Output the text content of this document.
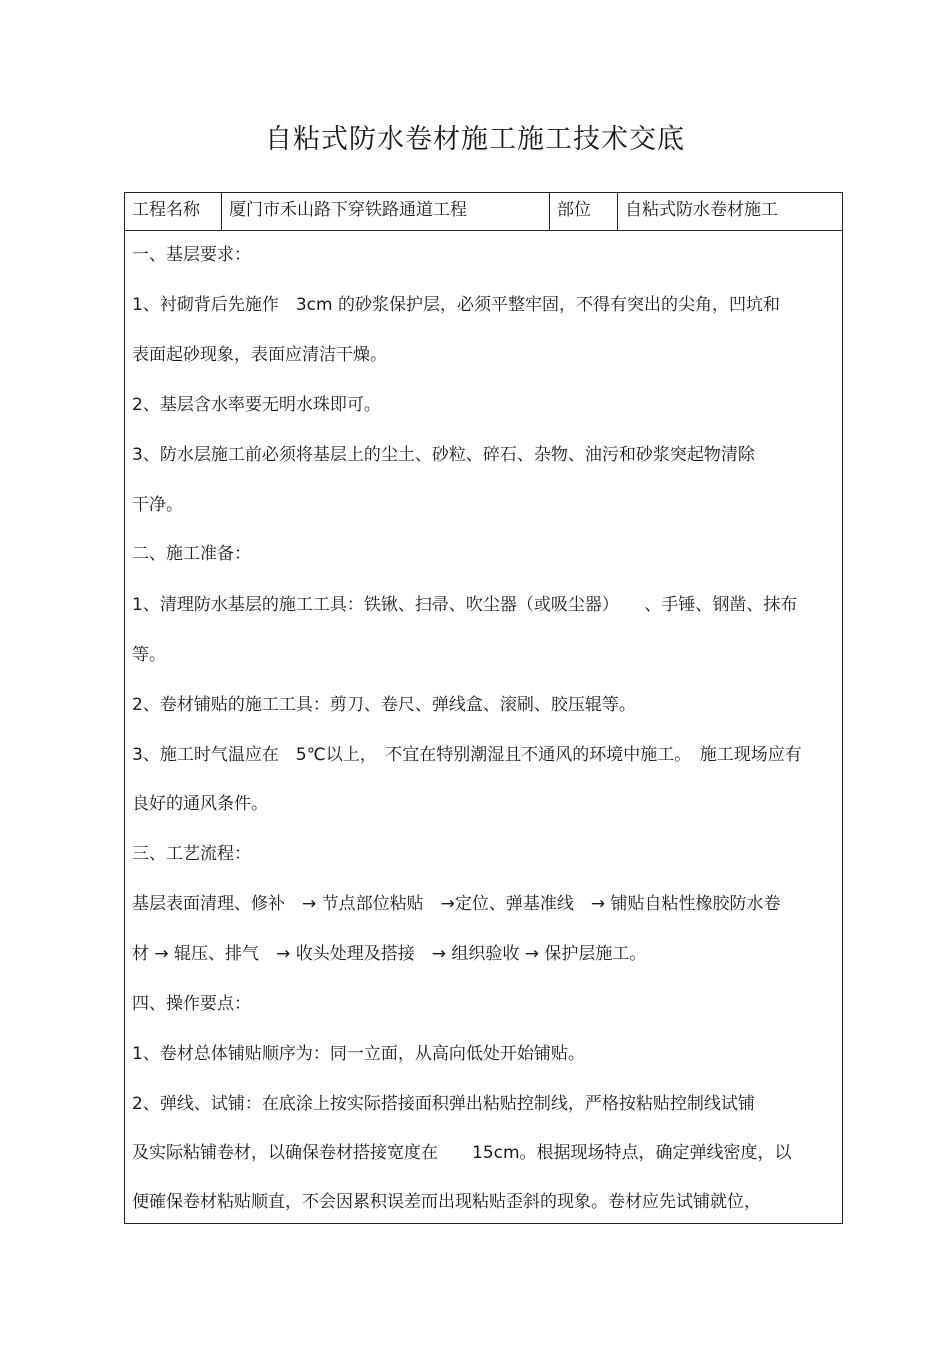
自粘式防水卷材施工施工技术交底
工程名称	厦门市禾山路下穿铁路通道工程	部位	自粘式防水卷材施工
一、基层要求：
1、衬砌背后先施作　3cm 的砂浆保护层，必须平整牢固，不得有突出的尖角，凹坑和
表面起砂现象，表面应清洁干燥。
2、基层含水率要无明水珠即可。
3、防水层施工前必须将基层上的尘土、砂粒、碎石、杂物、油污和砂浆突起物清除
干净。
二、施工准备：
1、清理防水基层的施工工具：铁锹、扫帚、吹尘器（或吸尘器）　　、手锤、钢凿、抹布
等。
2、卷材铺贴的施工工具：剪刀、卷尺、弹线盒、滚刷、胶压辊等。
3、施工时气温应在　5℃以上，　不宜在特别潮湿且不通风的环境中施工。　施工现场应有
良好的通风条件。
三、工艺流程：
基层表面清理、修补　→ 节点部位粘贴　→定位、弹基准线　→ 铺贴自粘性橡胶防水卷
材 → 辊压、排气　→ 收头处理及搭接　→ 组织验收 → 保护层施工。
四、操作要点：
1、卷材总体铺贴顺序为：同一立面，从高向低处开始铺贴。
2、弹线、试铺：在底涂上按实际搭接面积弹出粘贴控制线，严格按粘贴控制线试铺
及实际粘铺卷材，以确保卷材搭接宽度在　　15cm。根据现场特点，确定弹线密度，以
便確保卷材粘贴顺直，不会因累积误差而出现粘贴歪斜的现象。卷材应先试铺就位，
